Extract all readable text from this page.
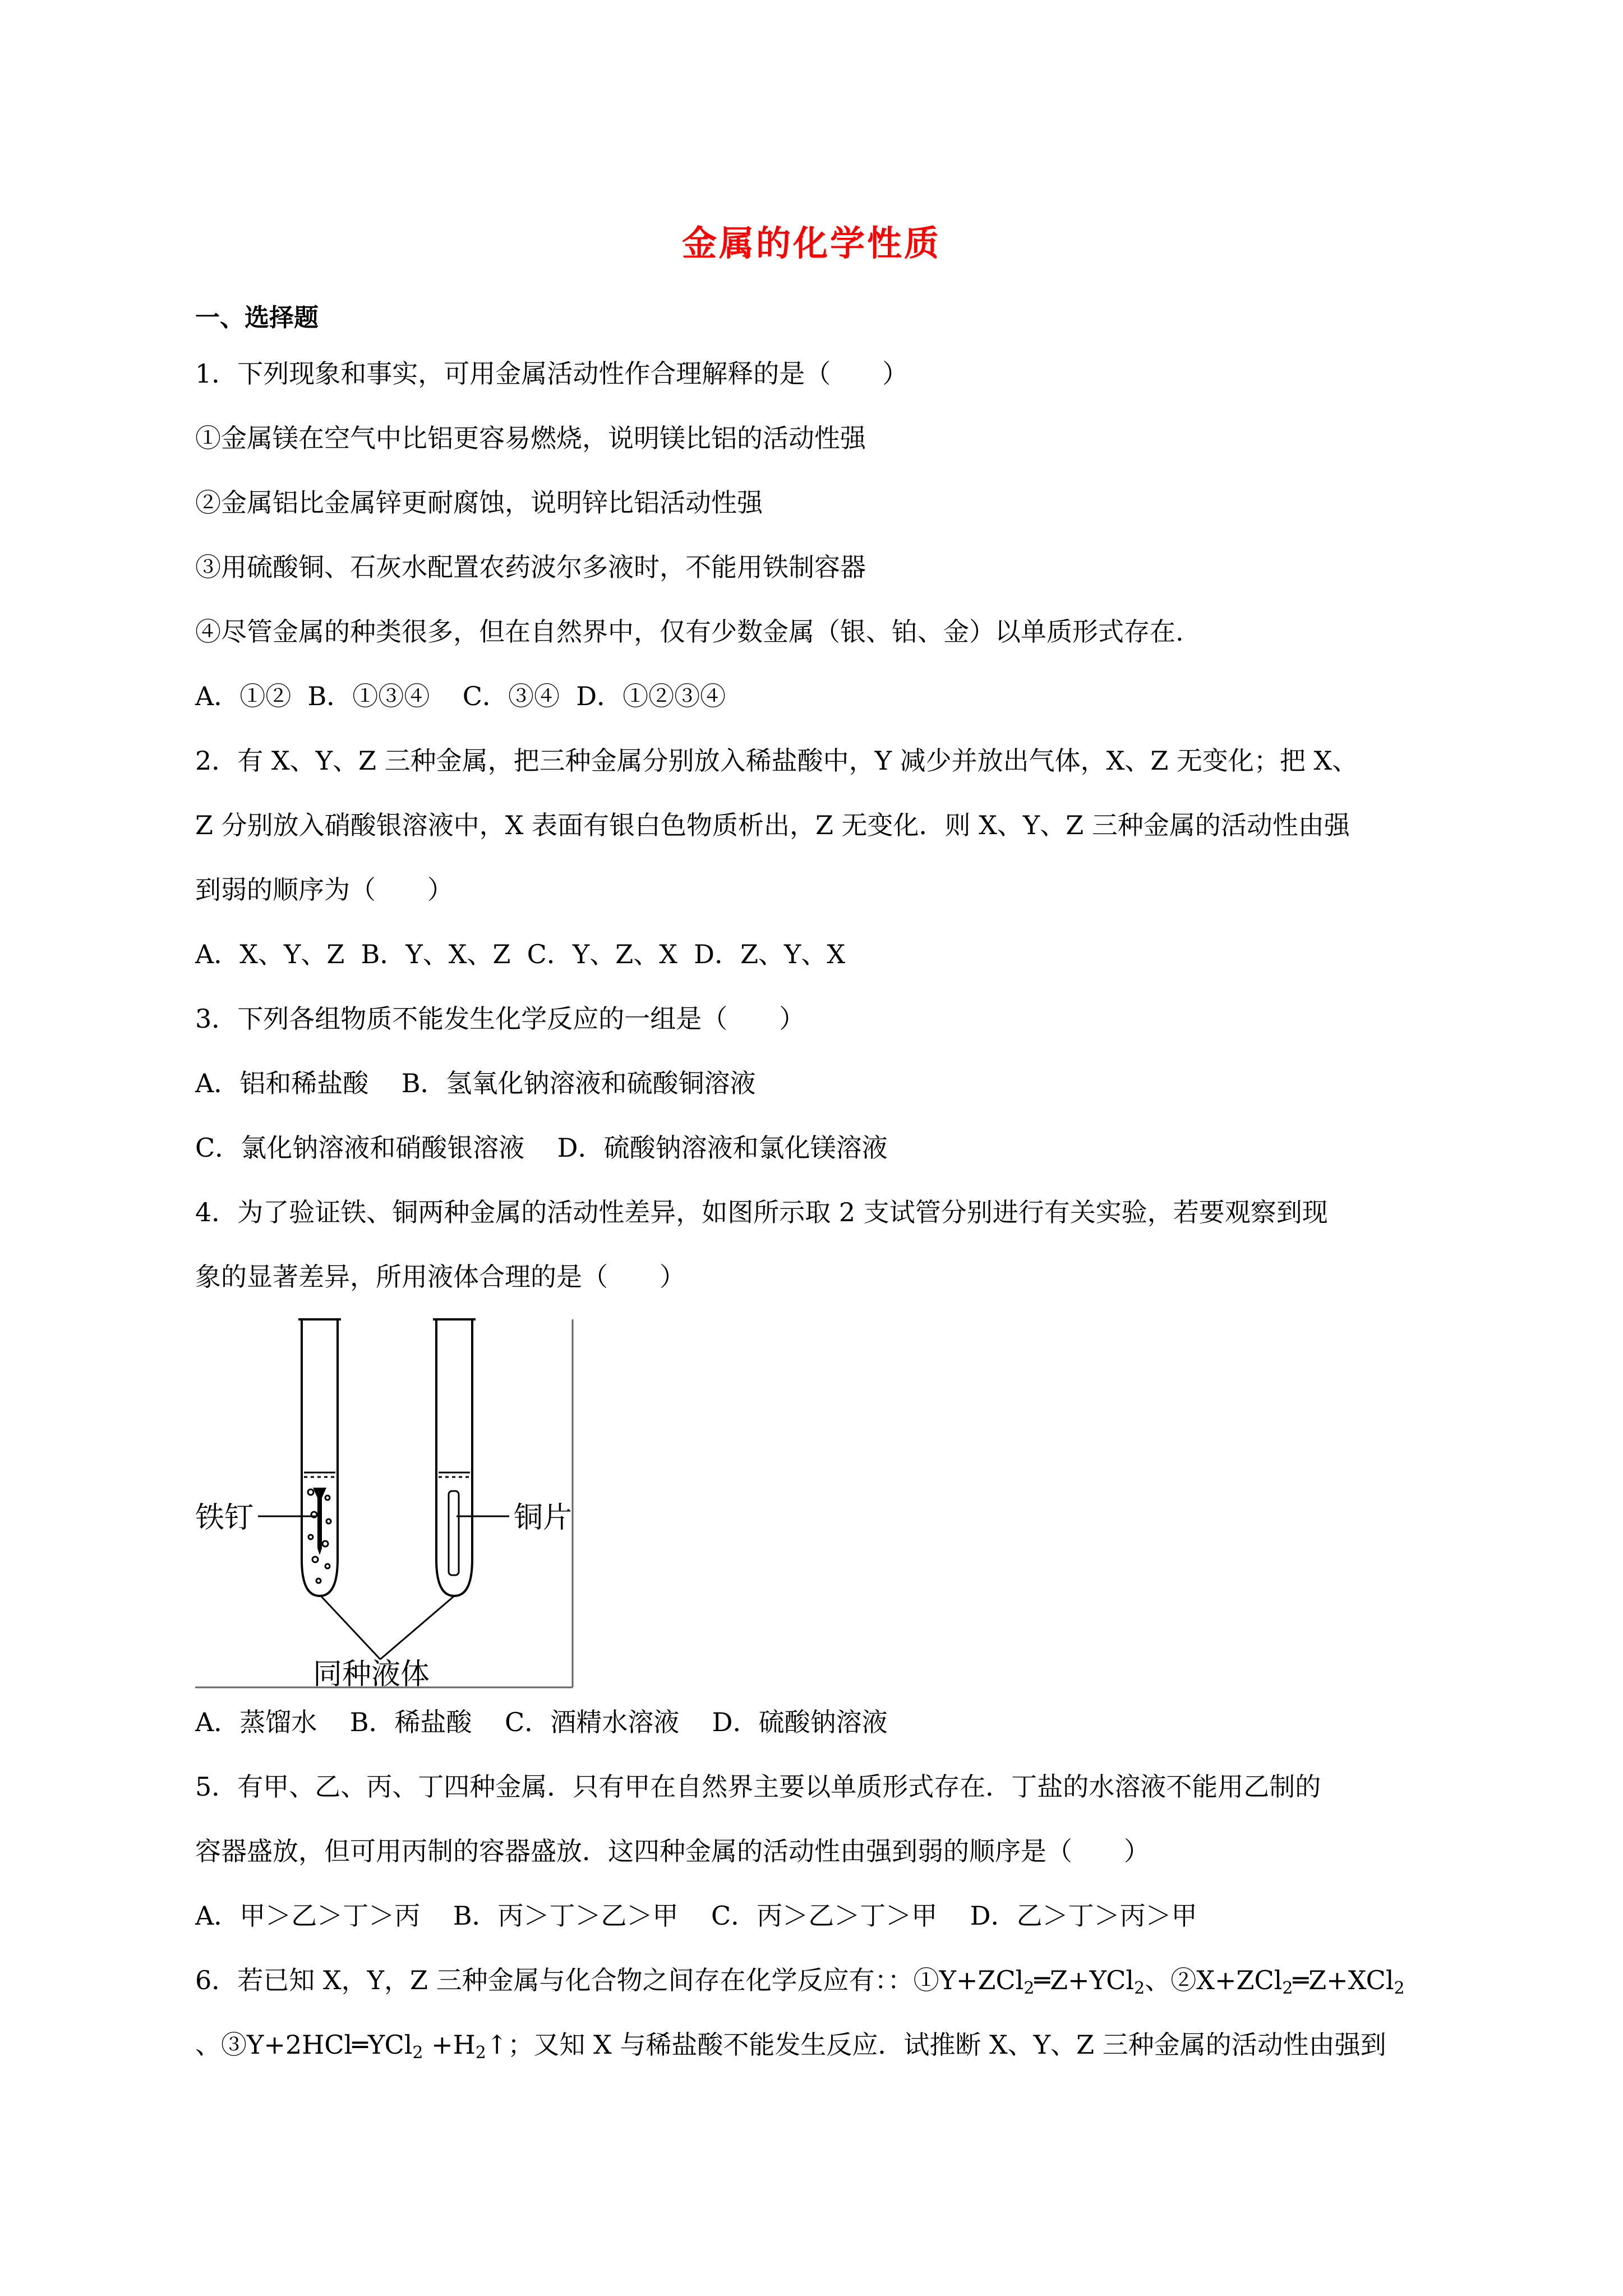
金属的化学性质
一、选择题
1．下列现象和事实，可用金属活动性作合理解释的是（　　）
①金属镁在空气中比铝更容易燃烧，说明镁比铝的活动性强
②金属铝比金属锌更耐腐蚀，说明锌比铝活动性强
③用硫酸铜、石灰水配置农药波尔多液时，不能用铁制容器
④尽管金属的种类很多，但在自然界中，仅有少数金属（银、铂、金）以单质形式存在.
A．①②  B．①③④    C．③④  D．①②③④
2．有 X、Y、Z 三种金属，把三种金属分别放入稀盐酸中，Y 减少并放出气体，X、Z 无变化；把 X、
Z 分别放入硝酸银溶液中，X 表面有银白色物质析出，Z 无变化．则 X、Y、Z 三种金属的活动性由强
到弱的顺序为（　　）
A．X、Y、Z  B．Y、X、Z  C．Y、Z、X  D．Z、Y、X
3．下列各组物质不能发生化学反应的一组是（　　）
A．铝和稀盐酸    B．氢氧化钠溶液和硫酸铜溶液
C．氯化钠溶液和硝酸银溶液    D．硫酸钠溶液和氯化镁溶液
4．为了验证铁、铜两种金属的活动性差异，如图所示取 2 支试管分别进行有关实验，若要观察到现
象的显著差异，所用液体合理的是（　　）
铁钉	铜片
同种液体
A．蒸馏水    B．稀盐酸    C．酒精水溶液    D．硫酸钠溶液
5．有甲、乙、丙、丁四种金属．只有甲在自然界主要以单质形式存在．丁盐的水溶液不能用乙制的
容器盛放，但可用丙制的容器盛放．这四种金属的活动性由强到弱的顺序是（　　）
A．甲＞乙＞丁＞丙    B．丙＞丁＞乙＞甲    C．丙＞乙＞丁＞甲    D．乙＞丁＞丙＞甲
6．若已知 X，Y，Z 三种金属与化合物之间存在化学反应有：：①Y+ZCl$_2$═Z+YCl$_2$、②X+ZCl$_2$═Z+XCl$_2$
、③Y+2HCl═YCl$_2$ $+H_2↑$；又知 X 与稀盐酸不能发生反应．试推断 X、Y、Z 三种金属的活动性由强到
